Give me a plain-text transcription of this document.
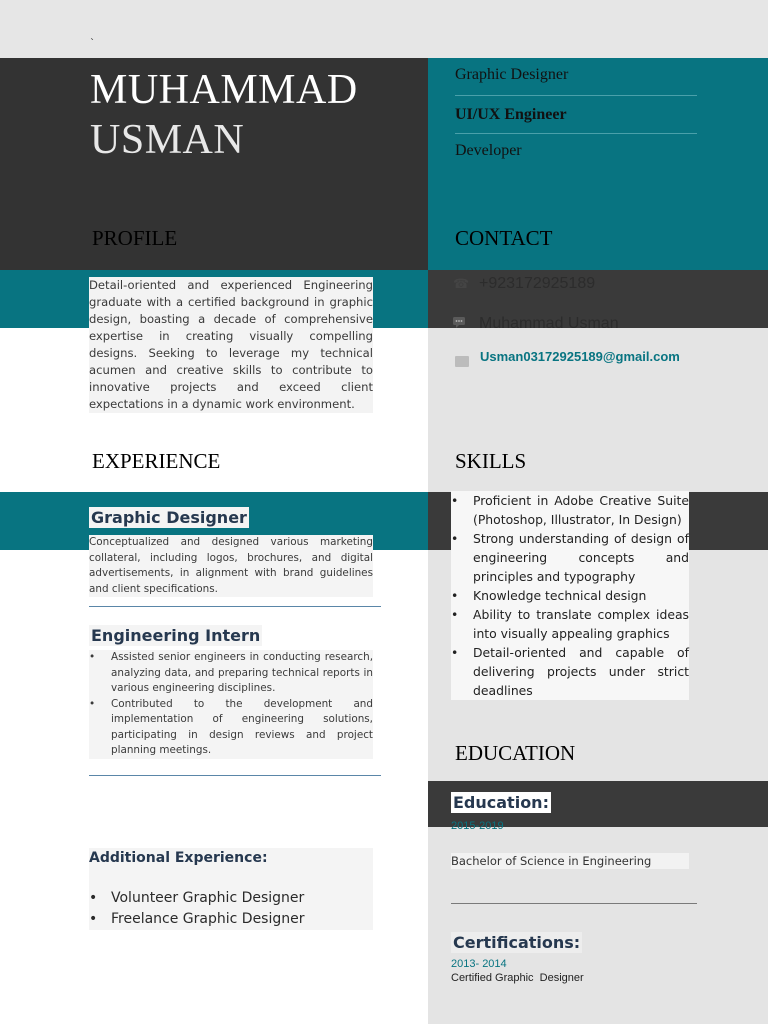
`
MUHAMMAD
USMAN
Graphic Designer
UI/UX Engineer
Developer
PROFILE	CONTACT
EXPERIENCE	SKILLS
EDUCATION
Detail-oriented and experienced Engineering graduate with a certified background in graphic design, boasting a decade of comprehensive expertise in creating visually compelling designs. Seeking to leverage my technical acumen and creative skills to contribute to innovative projects and exceed client expectations in a dynamic work environment.
☎ +923172925189
Muhammad Usman
Usman03172925189@gmail.com
Graphic Designer
Conceptualized and designed various marketing collateral, including logos, brochures, and digital advertisements, in alignment with brand guidelines and client specifications.
Engineering Intern
• Assisted senior engineers in conducting research, analyzing data, and preparing technical reports in various engineering disciplines.
• Contributed to the development and implementation of engineering solutions, participating in design reviews and project planning meetings.
Additional Experience:
• Volunteer Graphic Designer
• Freelance Graphic Designer
• Proficient in Adobe Creative Suite (Photoshop, Illustrator, In Design)
• Strong understanding of design of engineering concepts and principles and typography
• Knowledge technical design
• Ability to translate complex ideas into visually appealing graphics
• Detail-oriented and capable of delivering projects under strict deadlines
Education:
2015-2019
Bachelor of Science in Engineering
Certifications:
2013- 2014
Certified Graphic  Designer
